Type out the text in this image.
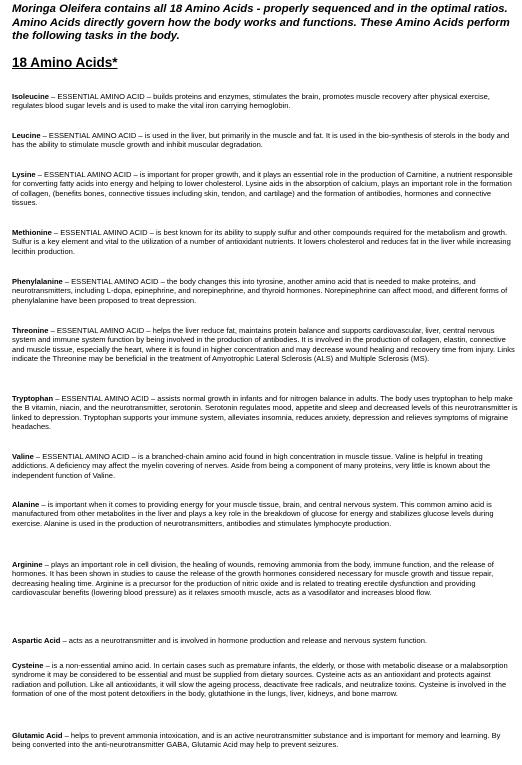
Moringa Oleifera contains all 18 Amino Acids - properly sequenced and in the optimal ratios. Amino Acids directly govern how the body works and functions. These Amino Acids perform the following tasks in the body.

18 Amino Acids*

Isoleucine – ESSENTIAL AMINO ACID – builds proteins and enzymes, stimulates the brain, promotes muscle recovery after physical exercise, regulates blood sugar levels and is used to make the vital iron carrying hemoglobin.

Leucine – ESSENTIAL AMINO ACID – is used in the liver, but primarily in the muscle and fat. It is used in the bio-synthesis of sterols in the body and has the ability to stimulate muscle growth and inhibit muscular degradation.

Lysine – ESSENTIAL AMINO ACID – is important for proper growth, and it plays an essential role in the production of Carnitine, a nutrient responsible for converting fatty acids into energy and helping to lower cholesterol. Lysine aids in the absorption of calcium, plays an important role in the formation of collagen, (benefits bones, connective tissues including skin, tendon, and cartilage) and the formation of antibodies, hormones and connective tissues.

Methionine – ESSENTIAL AMINO ACID – is best known for its ability to supply sulfur and other compounds required for the metabolism and growth. Sulfur is a key element and vital to the utilization of a number of antioxidant nutrients. It lowers cholesterol and reduces fat in the liver while increasing lecithin production.

Phenylalanine – ESSENTIAL AMINO ACID – the body changes this into tyrosine, another amino acid that is needed to make proteins, and neurotransmitters, including L-dopa, epinephrine, and norepinephrine, and thyroid hormones. Norepinephrine can affect mood, and different forms of phenylalanine have been proposed to treat depression.

Threonine – ESSENTIAL AMINO ACID – helps the liver reduce fat, maintains protein balance and supports cardiovascular, liver, central nervous system and immune system function by being involved in the production of antibodies. It is involved in the production of collagen, elastin, connective and muscle tissue, especially the heart, where it is found in higher concentration and may decrease wound healing and recovery time from injury. Links indicate the Threonine may be beneficial in the treatment of Amyotrophic Lateral Sclerosis (ALS) and Multiple Sclerosis (MS).

Tryptophan – ESSENTIAL AMINO ACID – assists normal growth in infants and for nitrogen balance in adults. The body uses tryptophan to help make the B vitamin, niacin, and the neurotransmitter, serotonin. Serotonin regulates mood, appetite and sleep and decreased levels of this neurotransmitter is linked to depression. Tryptophan supports your immune system, alleviates insomnia, reduces anxiety, depression and relieves symptoms of migraine headaches.

Valine – ESSENTIAL AMINO ACID – is a branched-chain amino acid found in high concentration in muscle tissue. Valine is helpful in treating addictions. A deficiency may affect the myelin covering of nerves. Aside from being a component of many proteins, very little is known about the independent function of Valine.

Alanine – is important when it comes to providing energy for your muscle tissue, brain, and central nervous system. This common amino acid is manufactured from other metabolites in the liver and plays a key role in the breakdown of glucose for energy and stabilizes glucose levels during exercise. Alanine is used in the production of neurotransmitters, antibodies and stimulates lymphocyte production.

Arginine – plays an important role in cell division, the healing of wounds, removing ammonia from the body, immune function, and the release of hormones. It has been shown in studies to cause the release of the growth hormones considered necessary for muscle growth and tissue repair, decreasing healing time. Arginine is a precursor for the production of nitric oxide and is related to treating erectile dysfunction and providing cardiovascular benefits (lowering blood pressure) as it relaxes smooth muscle, acts as a vasodilator and increases blood flow.

Aspartic Acid – acts as a neurotransmitter and is involved in hormone production and release and nervous system function.

Cysteine – is a non-essential amino acid. In certain cases such as premature infants, the elderly, or those with metabolic disease or a malabsorption syndrome it may be considered to be essential and must be supplied from dietary sources. Cysteine acts as an antioxidant and protects against radiation and pollution. Like all antioxidants, it will slow the ageing process, deactivate free radicals, and neutralize toxins. Cysteine is involved in the formation of one of the most potent detoxifiers in the body, glutathione in the lungs, liver, kidneys, and bone marrow.

Glutamic Acid – helps to prevent ammonia intoxication, and is an active neurotransmitter substance and is important for memory and learning. By being converted into the anti-neurotransmitter GABA, Glutamic Acid may help to prevent seizures.
